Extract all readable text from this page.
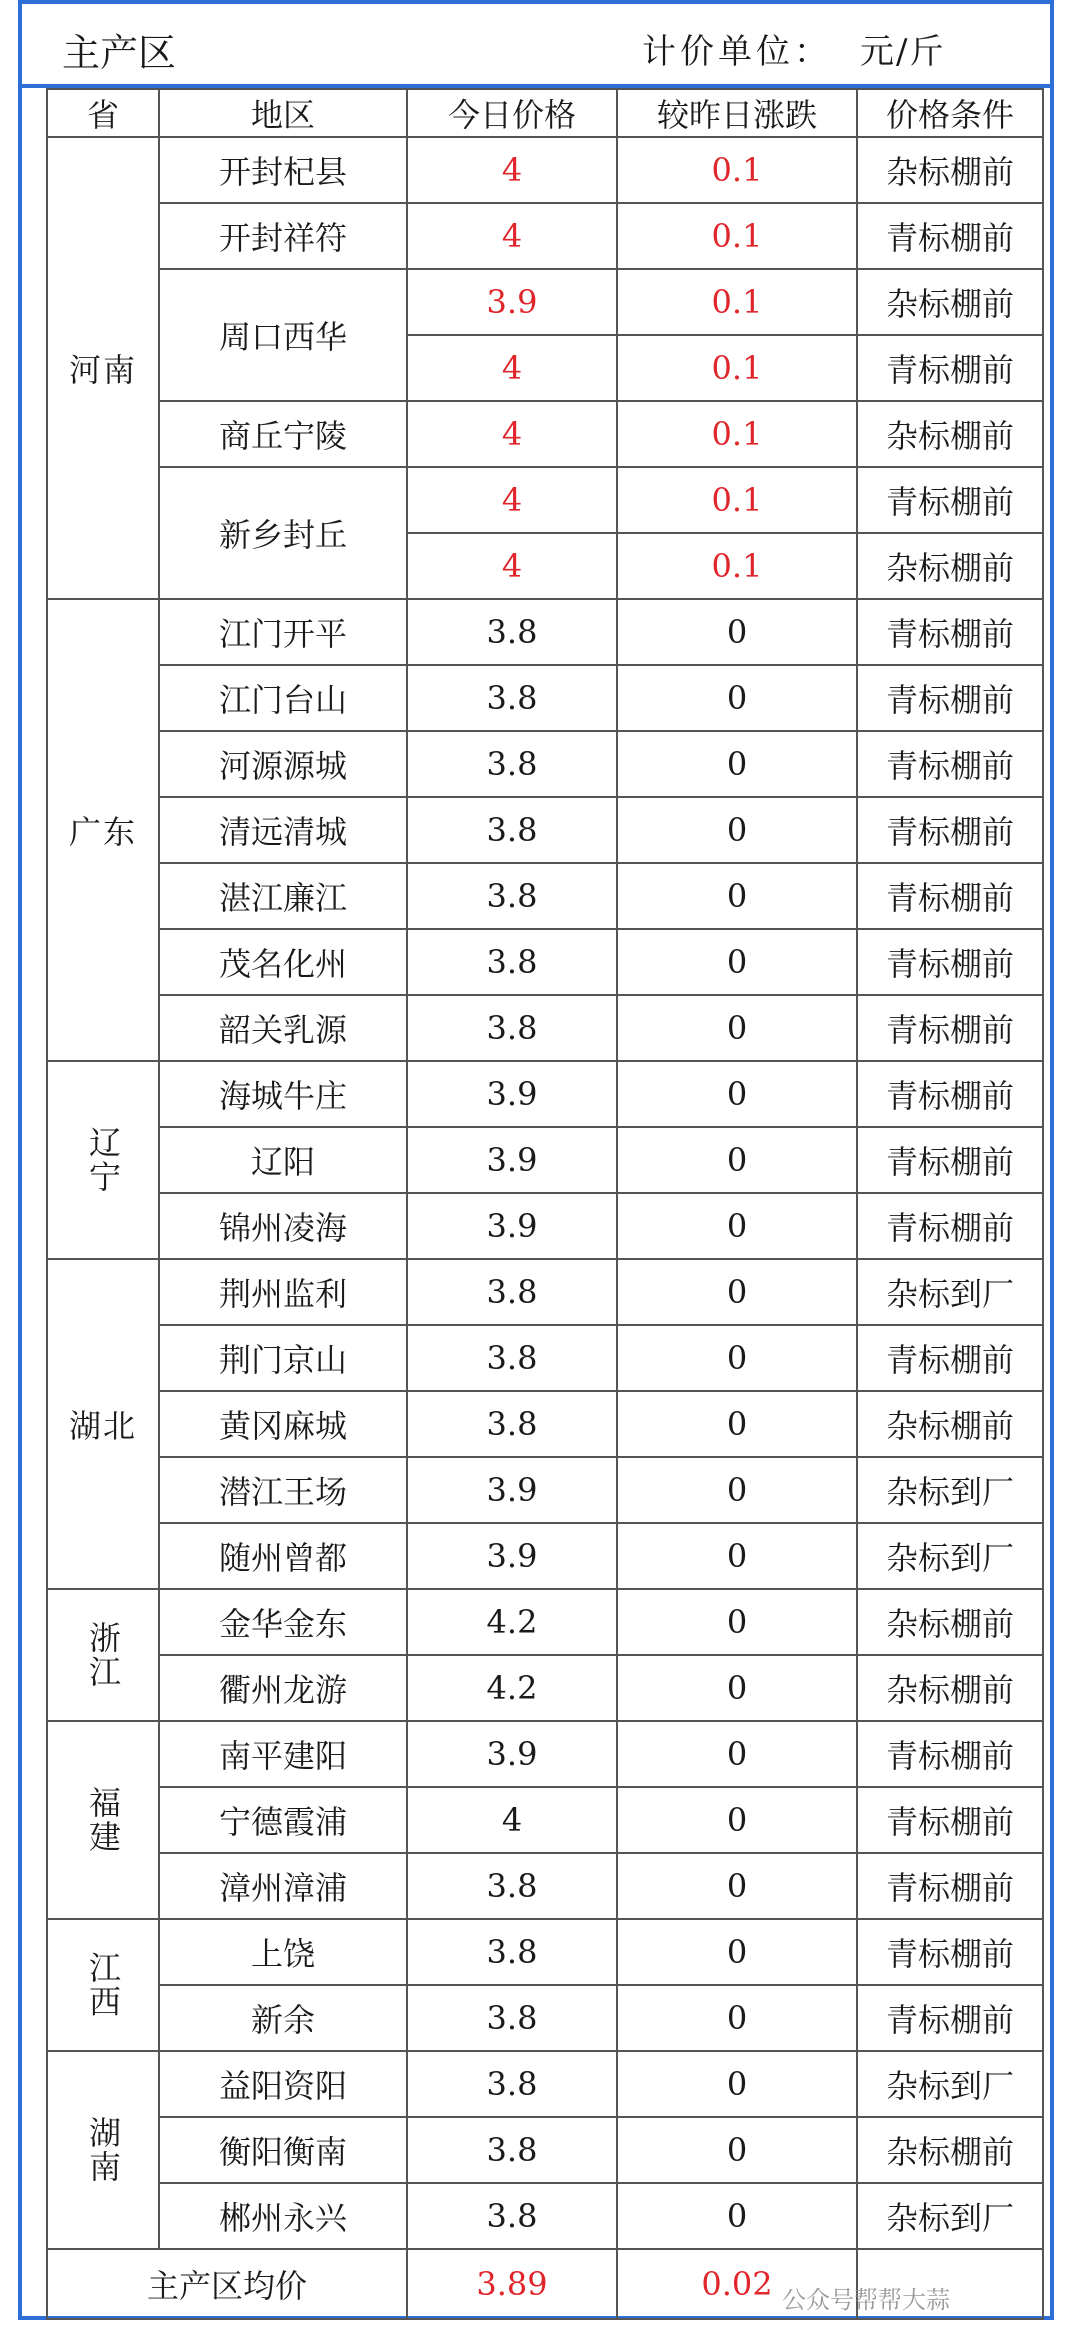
主产区	计价单位： 元/斤
省	地区	今日价格	较昨日涨跌	价格条件
河南	开封杞县	4	0.1	杂标棚前
	开封祥符	4	0.1	青标棚前
	周口西华	3.9	0.1	杂标棚前
		4	0.1	青标棚前
	商丘宁陵	4	0.1	杂标棚前
	新乡封丘	4	0.1	青标棚前
		4	0.1	杂标棚前
广东	江门开平	3.8	0	青标棚前
	江门台山	3.8	0	青标棚前
	河源源城	3.8	0	青标棚前
	清远清城	3.8	0	青标棚前
	湛江廉江	3.8	0	青标棚前
	茂名化州	3.8	0	青标棚前
	韶关乳源	3.8	0	青标棚前
辽宁	海城牛庄	3.9	0	青标棚前
	辽阳	3.9	0	青标棚前
	锦州凌海	3.9	0	青标棚前
湖北	荆州监利	3.8	0	杂标到厂
	荆门京山	3.8	0	青标棚前
	黄冈麻城	3.8	0	杂标棚前
	潜江王场	3.9	0	杂标到厂
	随州曾都	3.9	0	杂标到厂
浙江	金华金东	4.2	0	杂标棚前
	衢州龙游	4.2	0	杂标棚前
福建	南平建阳	3.9	0	青标棚前
	宁德霞浦	4	0	青标棚前
	漳州漳浦	3.8	0	青标棚前
江西	上饶	3.8	0	青标棚前
	新余	3.8	0	青标棚前
湖南	益阳资阳	3.8	0	杂标到厂
	衡阳衡南	3.8	0	杂标棚前
	郴州永兴	3.8	0	杂标到厂
主产区均价		3.89	0.02	公众号帮帮大蒜
